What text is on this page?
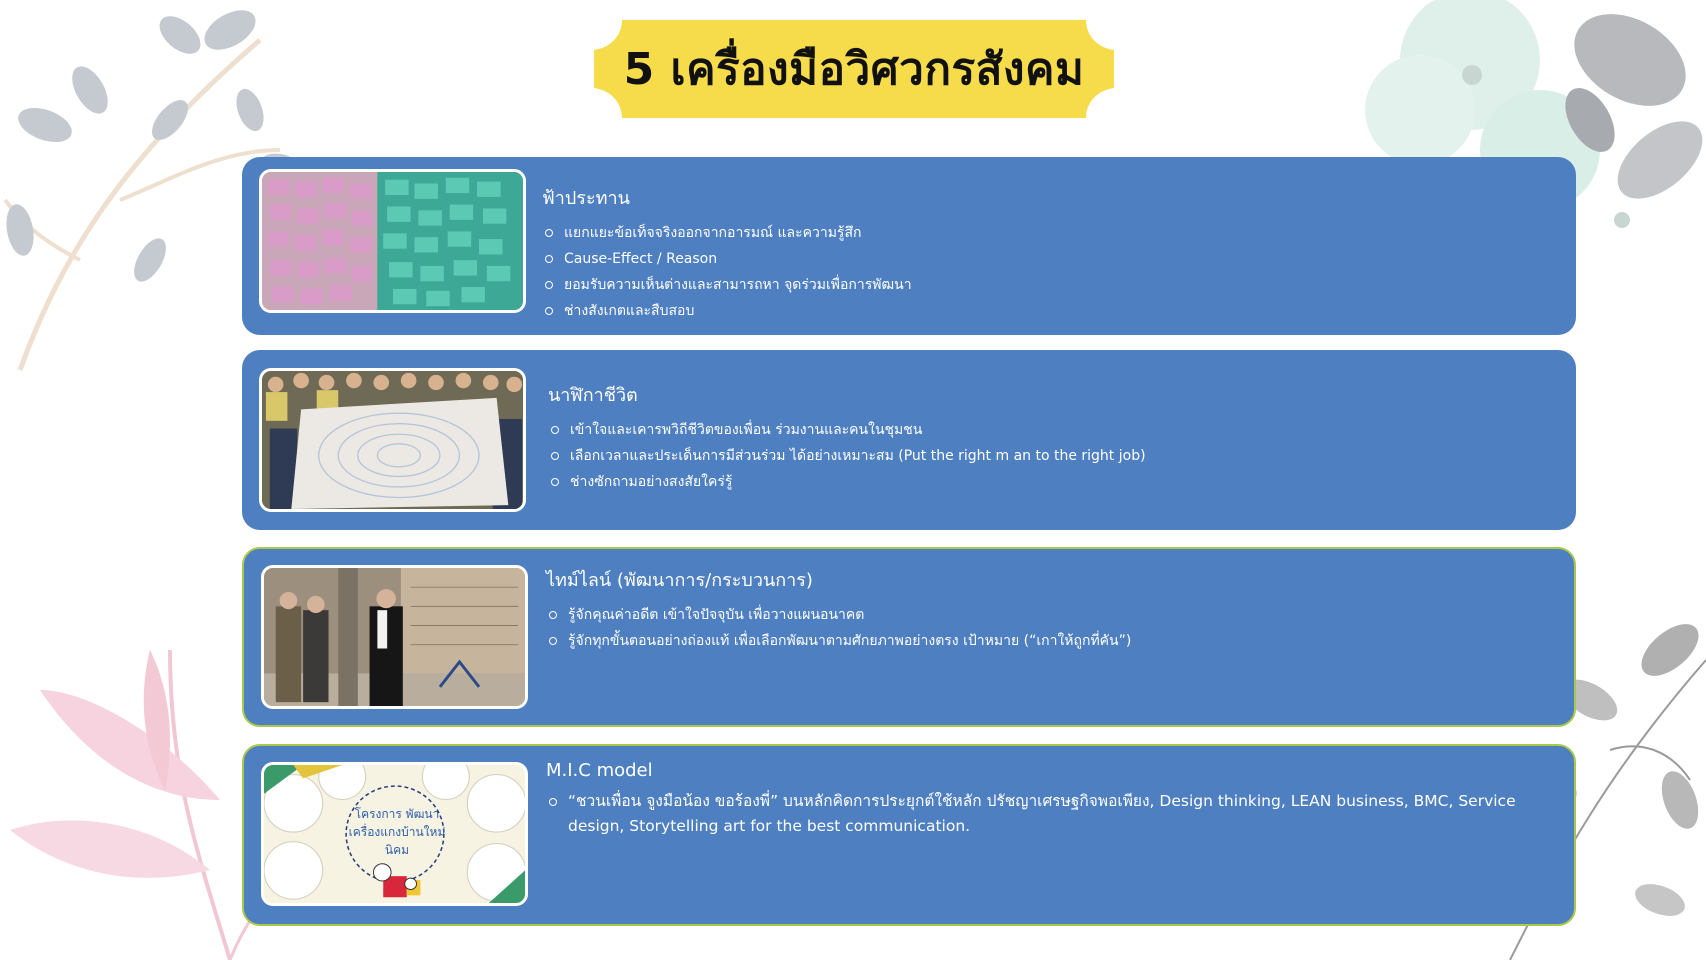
5 เครื่องมือวิศวกรสังคม
ฟ้าประทาน
แยกแยะข้อเท็จจริงออกจากอารมณ์ และความรู้สึก
Cause-Effect / Reason
ยอมรับความเห็นต่างและสามารถหา จุดร่วมเพื่อการพัฒนา
ช่างสังเกตและสืบสอบ
นาฬิกาชีวิต
เข้าใจและเคารพวิถีชีวิตของเพื่อน ร่วมงานและคนในชุมชน
เลือกเวลาและประเด็นการมีส่วนร่วม ได้อย่างเหมาะสม (Put the right m an to the right job)
ช่างซักถามอย่างสงสัยใคร่รู้
ไทม์ไลน์ (พัฒนาการ/กระบวนการ)
รู้จักคุณค่าอดีต เข้าใจปัจจุบัน เพื่อวางแผนอนาคต
รู้จักทุกขั้นตอนอย่างถ่องแท้ เพื่อเลือกพัฒนาตามศักยภาพอย่างตรง เป้าหมาย (“เกาให้ถูกที่คัน”)
โครงการ พัฒนา เครื่องแกงบ้านใหม่นิคม
M.I.C model
“ชวนเพื่อน จูงมือน้อง ขอร้องพี่” บนหลักคิดการประยุกต์ใช้หลัก ปรัชญาเศรษฐกิจพอเพียง, Design thinking, LEAN business, BMC, Service design, Storytelling art for the best communication.
